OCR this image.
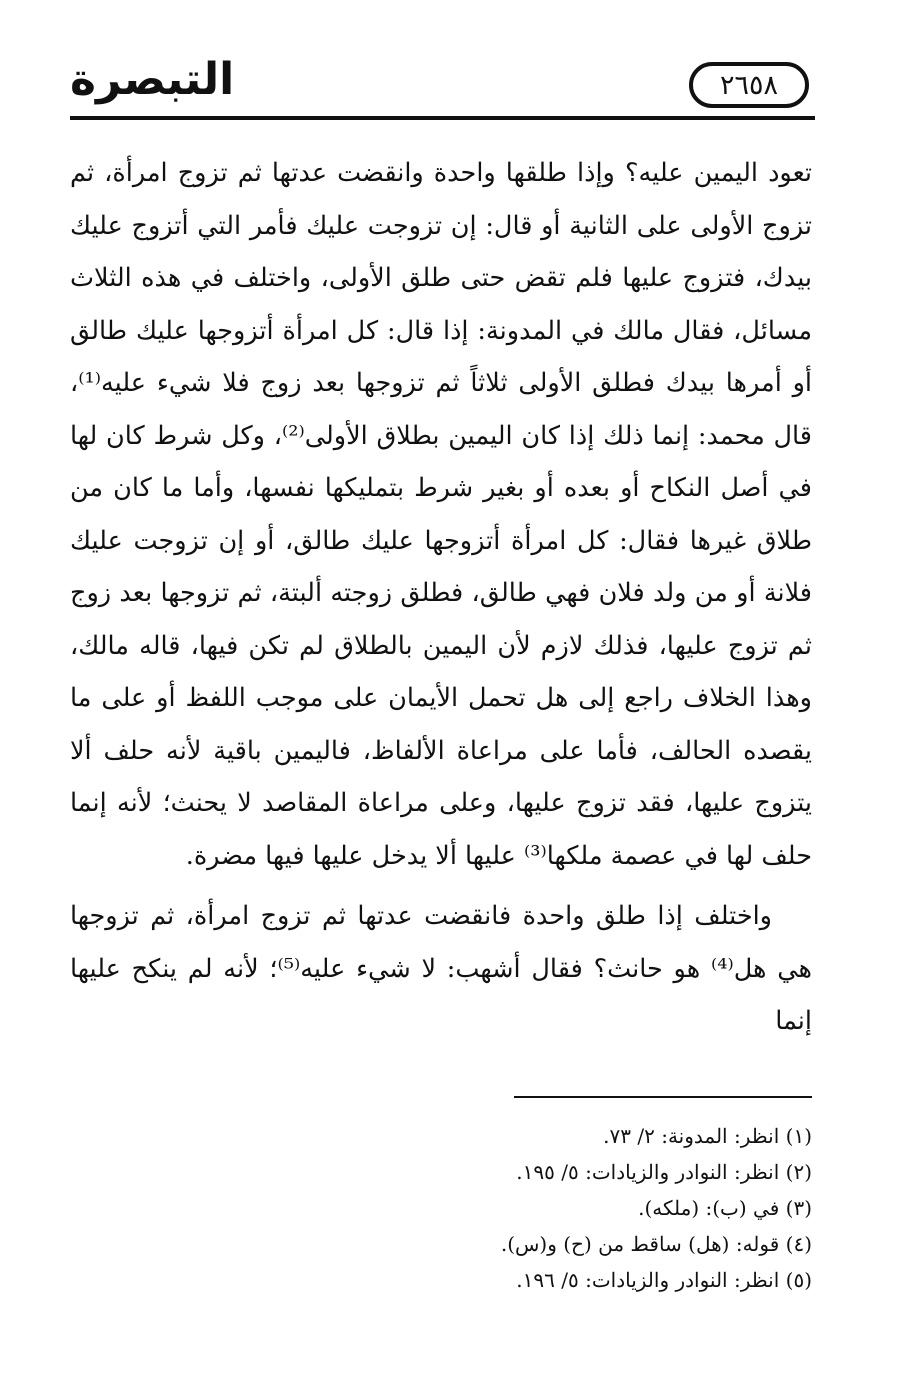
التبصرة	٢٦٥٨

تعود اليمين عليه؟ وإذا طلقها واحدة وانقضت عدتها ثم تزوج امرأة، ثم تزوج الأولى على الثانية أو قال: إن تزوجت عليك فأمر التي أتزوج عليك بيدك، فتزوج عليها فلم تقض حتى طلق الأولى، واختلف في هذه الثلاث مسائل، فقال مالك في المدونة: إذا قال: كل امرأة أتزوجها عليك طالق أو أمرها بيدك فطلق الأولى ثلاثاً ثم تزوجها بعد زوج فلا شيء عليه⁽¹⁾، قال محمد: إنما ذلك إذا كان اليمين بطلاق الأولى⁽²⁾، وكل شرط كان لها في أصل النكاح أو بعده أو بغير شرط بتمليكها نفسها، وأما ما كان من طلاق غيرها فقال: كل امرأة أتزوجها عليك طالق، أو إن تزوجت عليك فلانة أو من ولد فلان فهي طالق، فطلق زوجته ألبتة، ثم تزوجها بعد زوج ثم تزوج عليها، فذلك لازم لأن اليمين بالطلاق لم تكن فيها، قاله مالك، وهذا الخلاف راجع إلى هل تحمل الأيمان على موجب اللفظ أو على ما يقصده الحالف، فأما على مراعاة الألفاظ، فاليمين باقية لأنه حلف ألا يتزوج عليها، فقد تزوج عليها، وعلى مراعاة المقاصد لا يحنث؛ لأنه إنما حلف لها في عصمة ملكها⁽³⁾ عليها ألا يدخل عليها فيها مضرة.

واختلف إذا طلق واحدة فانقضت عدتها ثم تزوج امرأة، ثم تزوجها هي هل⁽⁴⁾ هو حانث؟ فقال أشهب: لا شيء عليه⁽⁵⁾؛ لأنه لم ينكح عليها إنما

(١) انظر: المدونة: ٢/ ٧٣.
(٢) انظر: النوادر والزيادات: ٥/ ١٩٥.
(٣) في (ب): (ملكه).
(٤) قوله: (هل) ساقط من (ح) و(س).
(٥) انظر: النوادر والزيادات: ٥/ ١٩٦.
